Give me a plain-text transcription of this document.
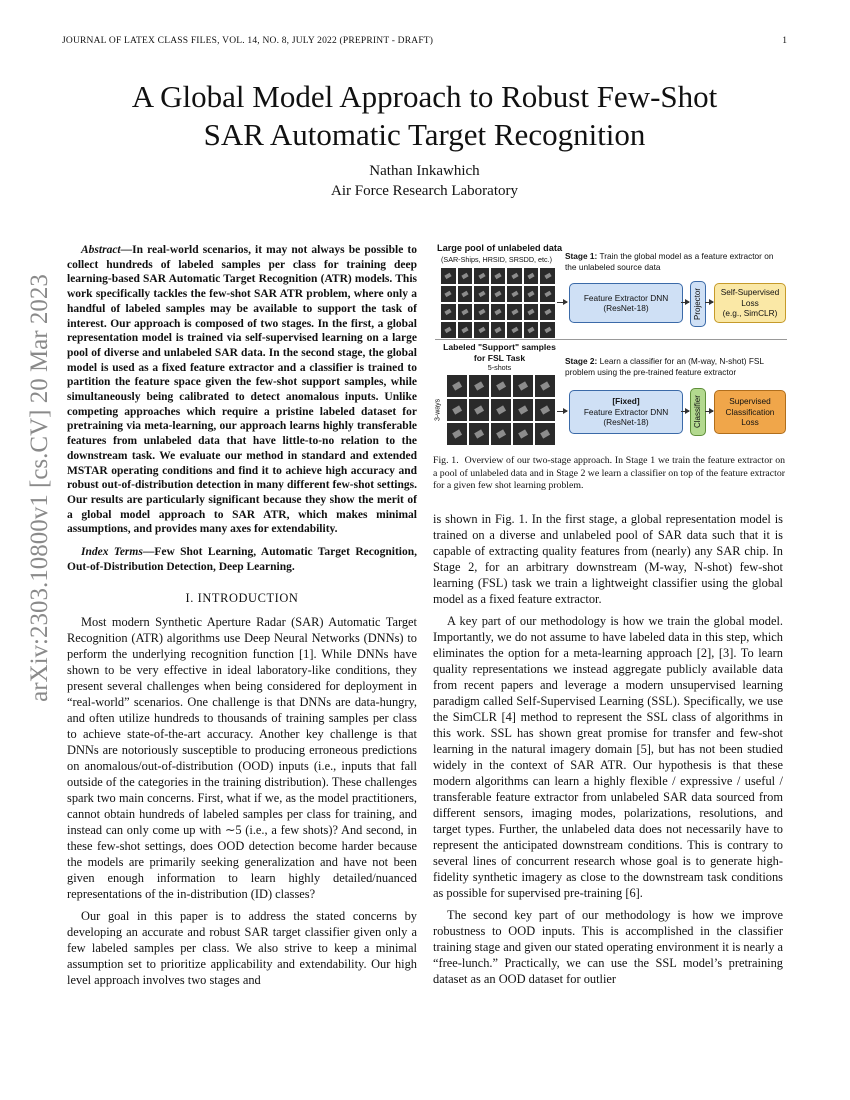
JOURNAL OF LATEX CLASS FILES, VOL. 14, NO. 8, JULY 2022 (PREPRINT - DRAFT)	1
A Global Model Approach to Robust Few-Shot
SAR Automatic Target Recognition
Nathan Inkawhich
Air Force Research Laboratory
arXiv:2303.10800v1 [cs.CV] 20 Mar 2023
Abstract—In real-world scenarios, it may not always be possible to collect hundreds of labeled samples per class for training deep learning-based SAR Automatic Target Recognition (ATR) models. This work specifically tackles the few-shot SAR ATR problem, where only a handful of labeled samples may be available to support the task of interest. Our approach is composed of two stages. In the first, a global representation model is trained via self-supervised learning on a large pool of diverse and unlabeled SAR data. In the second stage, the global model is used as a fixed feature extractor and a classifier is trained to partition the feature space given the few-shot support samples, while simultaneously being calibrated to detect anomalous inputs. Unlike competing approaches which require a pristine labeled dataset for pretraining via meta-learning, our approach learns highly transferable features from unlabeled data that have little-to-no relation to the downstream task. We evaluate our method in standard and extended MSTAR operating conditions and find it to achieve high accuracy and robust out-of-distribution detection in many different few-shot settings. Our results are particularly significant because they show the merit of a global model approach to SAR ATR, which makes minimal assumptions, and provides many axes for extendability.
Index Terms—Few Shot Learning, Automatic Target Recognition, Out-of-Distribution Detection, Deep Learning.
I. INTRODUCTION

Most modern Synthetic Aperture Radar (SAR) Automatic Target Recognition (ATR) algorithms use Deep Neural Networks (DNNs) to perform the underlying recognition function [1]. While DNNs have shown to be very effective in ideal laboratory-like conditions, they present several challenges when being considered for deployment in “real-world” scenarios. One challenge is that DNNs are data-hungry, and often utilize hundreds to thousands of training samples per class to achieve state-of-the-art accuracy. Another key challenge is that DNNs are notoriously susceptible to producing erroneous predictions on anomalous/out-of-distribution (OOD) inputs (i.e., inputs that fall outside of the categories in the training distribution). These challenges spark two main concerns. First, what if we, as the model practitioners, cannot obtain hundreds of labeled samples per class for training, and instead can only come up with ∼5 (i.e., a few shots)? And second, in these few-shot settings, does OOD detection become harder because the models are primarily seeking generalization and have not been given enough information to learn highly detailed/nuanced representations of the in-distribution (ID) classes?

Our goal in this paper is to address the stated concerns by developing an accurate and robust SAR target classifier given only a few labeled samples per class. We also strive to keep a minimal assumption set to prioritize applicability and extendability. Our high level approach involves two stages and

Large pool of unlabeled data
(SAR-Ships, HRSID, SRSDD, etc.) Stage 1: Train the global model as a feature extractor on the unlabeled source data
Feature Extractor DNN
(ResNet-18)	Projector	Self-Supervised
Loss
(e.g., SimCLR)
Labeled "Support" samples
for FSL Task
5-shots
3-ways
Stage 2: Learn a classifier for an (M-way, N-shot) FSL problem using the pre-trained feature extractor
[Fixed]
Feature Extractor DNN
(ResNet-18)	Classifier	Supervised
Classification
Loss
Fig. 1. Overview of our two-stage approach. In Stage 1 we train the feature extractor on a pool of unlabeled data and in Stage 2 we learn a classifier on top of the feature extractor for a given few shot learning problem.

is shown in Fig. 1. In the first stage, a global representation model is trained on a diverse and unlabeled pool of SAR data such that it is capable of extracting quality features from (nearly) any SAR chip. In Stage 2, for an arbitrary downstream (M-way, N-shot) few-shot learning (FSL) task we train a lightweight classifier using the global model as a fixed feature extractor.

A key part of our methodology is how we train the global model. Importantly, we do not assume to have labeled data in this step, which eliminates the option for a meta-learning approach [2], [3]. To learn quality representations we instead aggregate publicly available data from recent papers and leverage a modern unsupervised learning paradigm called Self-Supervised Learning (SSL). Specifically, we use the SimCLR [4] method to represent the SSL class of algorithms in this work. SSL has shown great promise for transfer and few-shot learning in the natural imagery domain [5], but has not been studied widely in the context of SAR ATR. Our hypothesis is that these modern algorithms can learn a highly flexible / expressive / useful / transferable feature extractor from unlabeled SAR data sourced from different sensors, imaging modes, polarizations, resolutions, and target types. Further, the unlabeled data does not necessarily have to represent the anticipated downstream conditions. This is contrary to several lines of concurrent research whose goal is to generate high-fidelity synthetic imagery as close to the downstream task conditions as possible for supervised pre-training [6].

The second key part of our methodology is how we improve robustness to OOD inputs. This is accomplished in the classifier training stage and given our stated operating environment it is nearly a “free-lunch.” Practically, we can use the SSL model’s pretraining dataset as an OOD dataset for outlier
